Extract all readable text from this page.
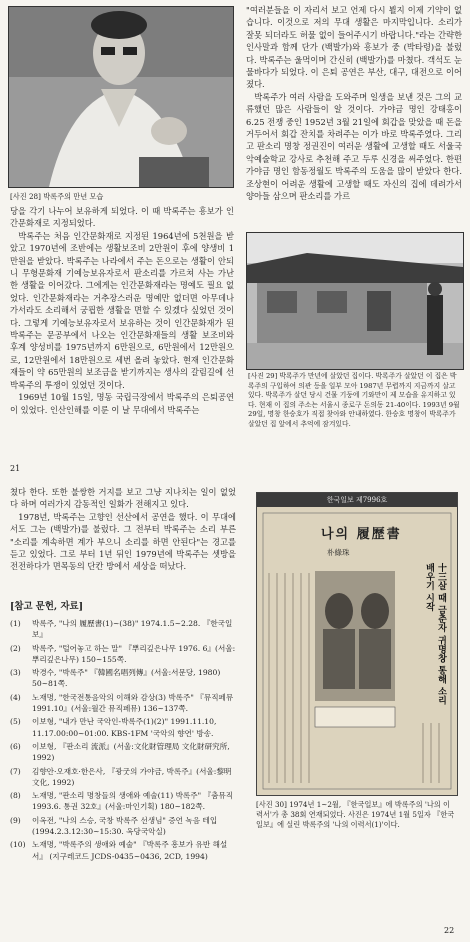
[사진 28] 박록주의 만년 모습

당을 각기 나누어 보유하게 되었다. 이 때 박록주는 흥보가 인간문화재로 지정되었다.

박록주는 처음 인간문화재로 지정된 1964년에 5천원을 받았고 1970년에 조반에는 생활보조비 2만원이 후에 양생비 1만원을 받았다. 박록주는 나라에서 주는 돈으로는 생활이 안되니 무형문화재 기예능보유자로서 판소리를 가르쳐 사는 가난한 생활을 이어갔다. 그에게는 인간문화재라는 명예도 필요 없었다. 인간문화재라는 거추장스러운 명예만 없더면 아무데나 가서라도 소리해서 궁핍한 생활을 면할 수 있겠다 싶었던 것이다. 그렇게 기예능보유자로서 보유하는 것이 인간문화재가 된 박록주는 문공부에서 나오는 인간문화재들의 생활 보조비와 후계 양성비를 1975년까지 6만원으로, 6만원에서 12만원으로, 12만원에서 18만원으로 세번 올려 놓았다. 현재 인간문화재들이 약 65만원의 보조금을 받기까지는 생사의 갈림길에 선 박록주의 투쟁이 있었던 것이다.

1969년 10월 15일, 명동 국립극장에서 박록주의 은퇴공연이 있었다. 인산인해를 이룬 이 날 무대에서 박록주는

"여러분들을 이 자리서 보고 언제 다시 뵐지 이제 기약이 없습니다. 이것으로 저의 무대 생활은 마지막입니다. 소리가 잘못 되더라도 허물 없이 들어주시기 바랍니다."라는 간략한 인사말과 함께 단가 (백발가)와 흥보가 중 (박타령)을 불렀다. 박록주는 울먹이며 간신히 (백발가)를 마쳤다. 객석도 눈물바다가 되었다. 이 은퇴 공연은 부산, 대구, 대전으로 이어졌다.

박록주가 여러 사람을 도와주며 일생을 보낸 것은 그의 교류했던 많은 사람들이 알 것이다. 가야금 명인 강태홍이 6.25 전쟁 중인 1952년 3월 21일에 회갑을 맞았을 때 돈을 거두어서 회갑 잔치를 차려주는 이가 바로 박록주였다. 그리고 판소리 명창 정권진이 여러운 생활에 고생할 때도 서울국악예술학교 강사로 추천해 주고 두루 신경을 써주었다. 한편 가야금 명인 함동정월도 박록주의 도움을 많이 받았다 한다. 조상현이 어려운 생활에 고생할 때도 자신의 집에 데려가서 양아들 삼으며 판소리를 가르

[사진 29] 박록주가 만년에 살았던 집이다. 박록주가 살았던 이 집은 박록주의 구입하여 의관 등을 일부 모아 1987년 무렵까지 지금까지 살고 있다. 박록주가 살던 당시 건물 기둥에 기와만이 제 모습을 유지하고 있다. 현재 이 집의 주소는 서울시 종로구 돈의동 21-40이다. 1993년 9월 29일, 명창 한승호가 직접 찾아와 안내하였다. 한승호 명창이 박록주가 살았던 집 앞에서 추억에 잠겨있다.
21

쳤다 한다. 또한 불쌍한 거지를 보고 그냥 지나치는 일이 없었다 하며 여러가지 감동적인 일화가 전해지고 있다.

1978년, 박록주는 고향인 선산에서 공연을 했다. 이 무대에서도 그는 (백발가)를 불렀다. 그 전부터 박록주는 소리 부른 "소리를 계속하면 계가 부으니 소리를 하면 안된다"는 경고를 듣고 있었다. 그로 부터 1년 뒤인 1979년에 박록주는 셋방을 전전하다가 면목동의 단칸 방에서 세상을 떠났다.

[참고 문헌, 자료]
(1) 박록주, "나의 履歷書(1)~(38)" 1974.1.5~2.28. 『한국일보』
(2) 박록주, "털어놓고 하는 말" 『뿌리깊은나무 1976. 6』(서울:뿌리깊은나무) 150~155쪽.
(3) 박경수, "박록주" 『韓國名唱列傳』(서울:서문당, 1980) 50~81쪽.
(4) 노재명, "한국전통음악의 이해와 감상(3) 박록주" 『뮤직페뮤 1991.10』(서울:월간 뮤직페뮤) 136~137쪽.
(5) 이보형, "내가 만난 국악인-박록주(1)(2)" 1991.11.10, 11.17.00:00~01:00. KBS-1FM '국악의 향연' 방송.
(6) 이보형, 『판소리 流派』(서울:文化財管理局 文化財研究所, 1992)
(7) 김향안·오재호·한은사, 『광굿의 가야금, 박록주』(서울:黎明文化, 1992)
(8) 노재명, "판소리 명창들의 생애와 예술(11) 박록주" 『춤뮤직 1993.6. 통권 32호』(서울:마인기획) 180~182쪽.
(9) 이옥전, "나의 스승, 국창 박록주 선생님" 증언 녹음 테입 (1994.2.3.12:30~15:30. 옥당국악실)
(10) 노재명, "박록주의 생애와 예술" 『박록주 흥보가 유반 해설서』 (지구레코드 JCDS-0435~0436, 2CD, 1994)
한국일보 제7996호
나의 履歷書
朴綠珠
十三살 때 금춘자 귀명창 통해 소리 배우기 시작
[사진 30] 1974년 1~2월, 『한국일보』에 박록주의 '나의 이력서'가 총 38회 연재되었다. 사진은 1974년 1월 5일자 『한국일보』에 실린 박록주의 '나의 이력서(1)'이다.
22
